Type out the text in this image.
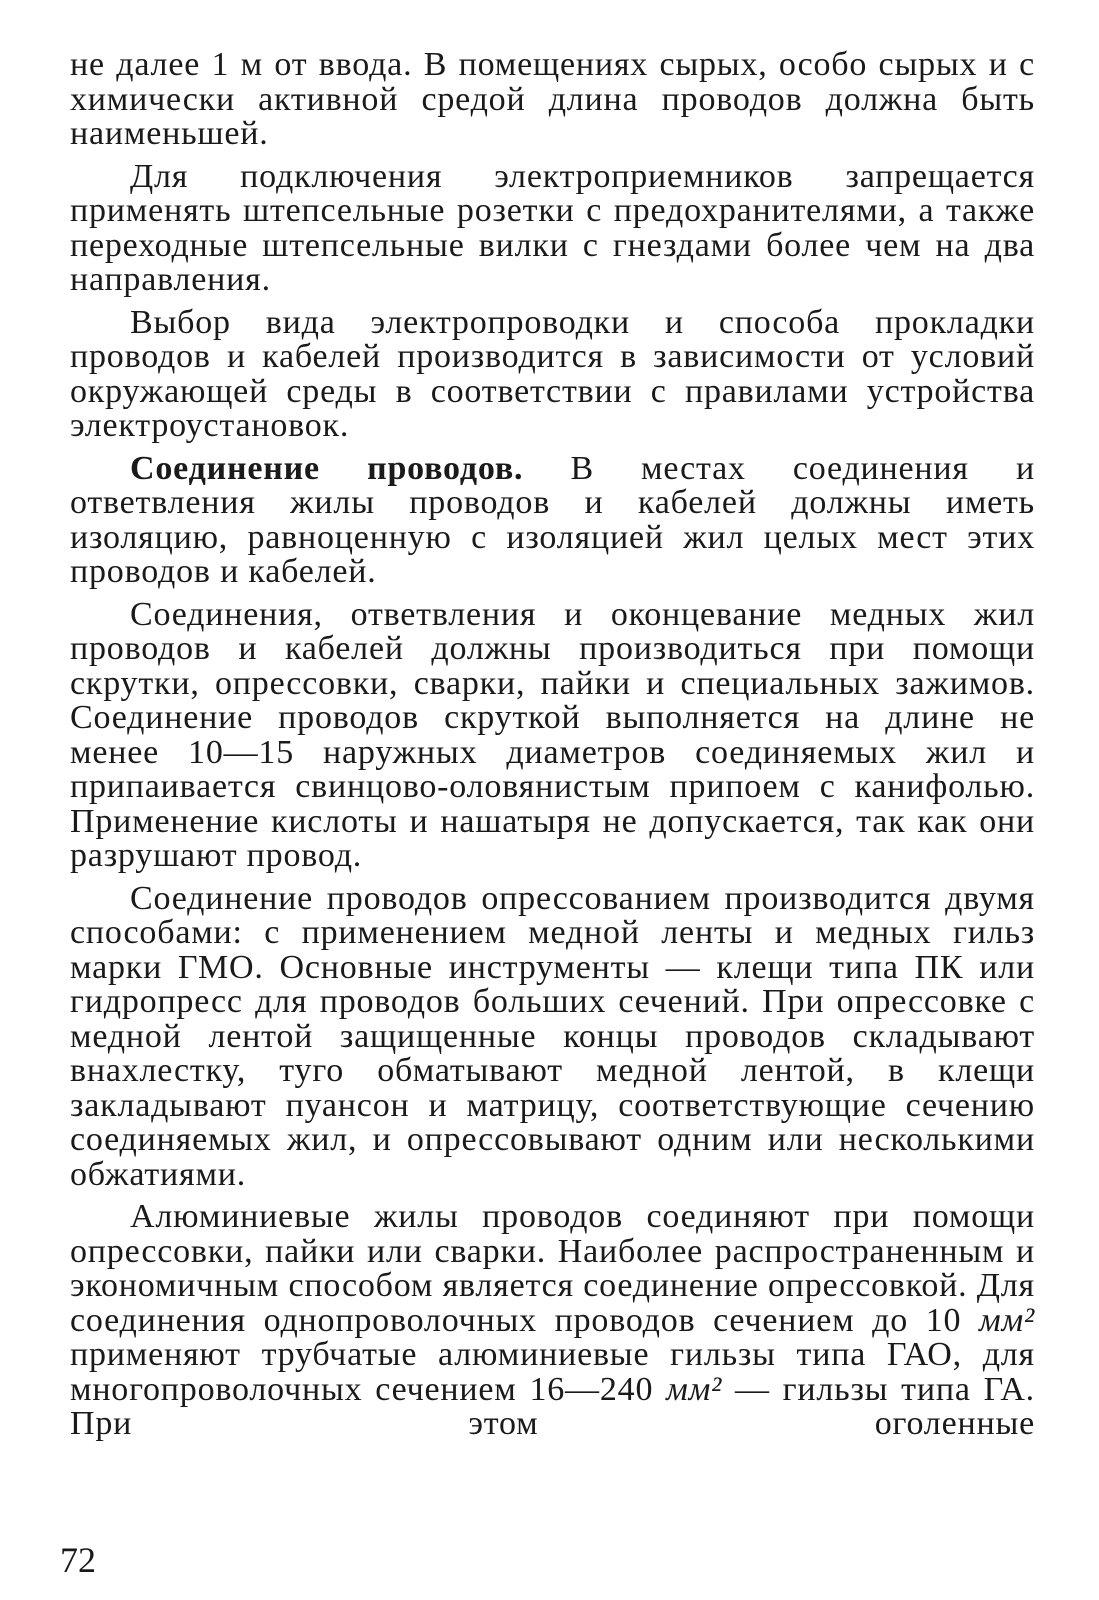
не далее 1 м от ввода. В помещениях сырых, особо сырых и с химически активной средой длина проводов должна быть наименьшей.

Для подключения электроприемников запрещается применять штепсельные розетки с предохранителями, а также переходные штепсельные вилки с гнездами более чем на два направления.

Выбор вида электропроводки и способа прокладки проводов и кабелей производится в зависимости от условий окружающей среды в соответствии с правилами устройства электроустановок.

Соединение проводов. В местах соединения и ответвления жилы проводов и кабелей должны иметь изоляцию, равноценную с изоляцией жил целых мест этих проводов и кабелей.

Соединения, ответвления и оконцевание медных жил проводов и кабелей должны производиться при помощи скрутки, опрессовки, сварки, пайки и специальных зажимов. Соединение проводов скруткой выполняется на длине не менее 10—15 наружных диаметров соединяемых жил и припаивается свинцово-оловянистым припоем с канифолью. Применение кислоты и нашатыря не допускается, так как они разрушают провод.

Соединение проводов опрессованием производится двумя способами: с применением медной ленты и медных гильз марки ГМО. Основные инструменты — клещи типа ПК или гидропресс для проводов больших сечений. При опрессовке с медной лентой защищенные концы проводов складывают внахлестку, туго обматывают медной лентой, в клещи закладывают пуансон и матрицу, соответствующие сечению соединяемых жил, и опрессовывают одним или несколькими обжатиями.

Алюминиевые жилы проводов соединяют при помощи опрессовки, пайки или сварки. Наиболее распространенным и экономичным способом является соединение опрессовкой. Для соединения однопроволочных проводов сечением до 10 мм² применяют трубчатые алюминиевые гильзы типа ГАО, для многопроволочных сечением 16—240 мм² — гильзы типа ГА. При этом оголенные

72
